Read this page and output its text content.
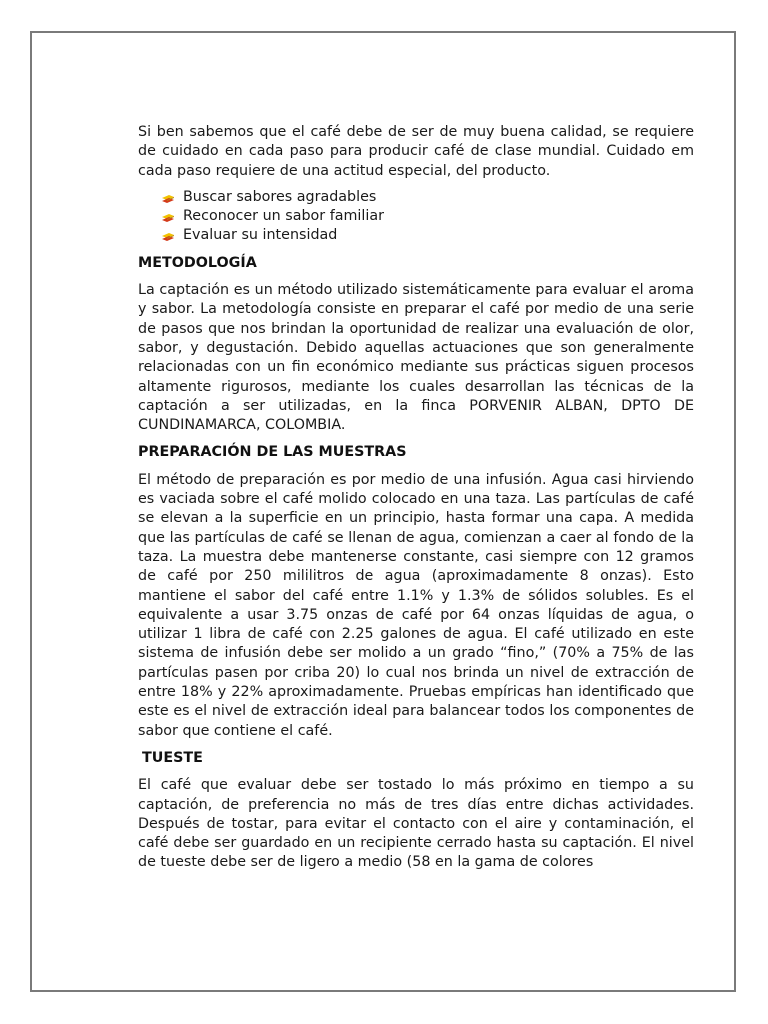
Si ben sabemos que el café debe de ser de muy buena calidad, se requiere de cuidado en cada paso para producir café de clase mundial. Cuidado em cada paso requiere de una actitud especial, del producto.

Buscar sabores agradables
Reconocer un sabor familiar
Evaluar su intensidad
METODOLOGÍA

La captación es un método utilizado sistemáticamente para evaluar el aroma y sabor. La metodología consiste en preparar el café por medio de una serie de pasos que nos brindan la oportunidad de realizar una evaluación de olor, sabor, y degustación. Debido aquellas actuaciones que son generalmente relacionadas con un fin económico mediante sus prácticas siguen procesos altamente rigurosos, mediante los cuales desarrollan las técnicas de la captación a ser utilizadas, en la finca PORVENIR ALBAN, DPTO DE CUNDINAMARCA, COLOMBIA.

PREPARACIÓN DE LAS MUESTRAS

El método de preparación es por medio de una infusión. Agua casi hirviendo es vaciada sobre el café molido colocado en una taza. Las partículas de café se elevan a la superficie en un principio, hasta formar una capa. A medida que las partículas de café se llenan de agua, comienzan a caer al fondo de la taza. La muestra debe mantenerse constante, casi siempre con 12 gramos de café por 250 mililitros de agua (aproximadamente 8 onzas). Esto mantiene el sabor del café entre 1.1% y 1.3% de sólidos solubles. Es el equivalente a usar 3.75 onzas de café por 64 onzas líquidas de agua, o utilizar 1 libra de café con 2.25 galones de agua. El café utilizado en este sistema de infusión debe ser molido a un grado “fino,” (70% a 75% de las partículas pasen por criba 20) lo cual nos brinda un nivel de extracción de entre 18% y 22% aproximadamente. Pruebas empíricas han identificado que este es el nivel de extracción ideal para balancear todos los componentes de sabor que contiene el café.

TUESTE

El café que evaluar debe ser tostado lo más próximo en tiempo a su captación, de preferencia no más de tres días entre dichas actividades. Después de tostar, para evitar el contacto con el aire y contaminación, el café debe ser guardado en un recipiente cerrado hasta su captación. El nivel de tueste debe ser de ligero a medio (58 en la gama de colores
